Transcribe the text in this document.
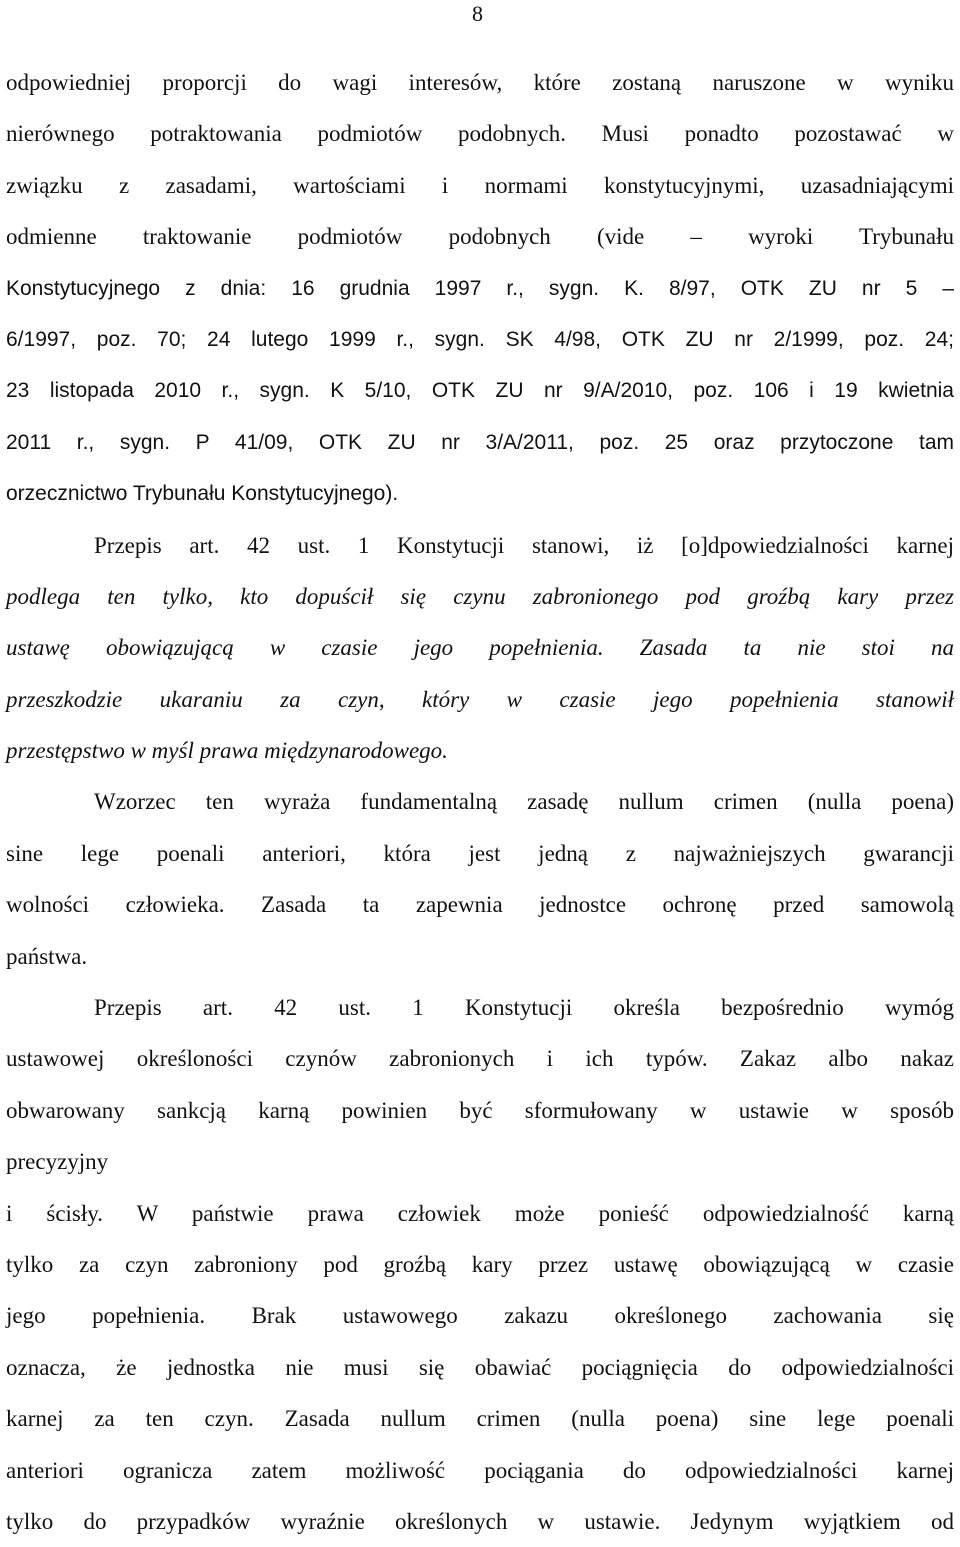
8
odpowiedniej proporcji do wagi interesów, które zostaną naruszone w wyniku
nierównego potraktowania podmiotów podobnych. Musi ponadto pozostawać w
związku z zasadami, wartościami i normami konstytucyjnymi, uzasadniającymi
odmienne traktowanie podmiotów podobnych (vide – wyroki Trybunału
Konstytucyjnego z dnia: 16 grudnia 1997 r., sygn. K. 8/97, OTK ZU nr 5 –
6/1997, poz. 70; 24 lutego 1999 r., sygn. SK 4/98, OTK ZU nr 2/1999, poz. 24;
23 listopada 2010 r., sygn. K 5/10, OTK ZU nr 9/A/2010, poz. 106 i 19 kwietnia
2011 r., sygn. P 41/09, OTK ZU nr 3/A/2011, poz. 25 oraz przytoczone tam
orzecznictwo Trybunału Konstytucyjnego).
Przepis art. 42 ust. 1 Konstytucji stanowi, iż [o]dpowiedzialności karnej
podlega ten tylko, kto dopuścił się czynu zabronionego pod groźbą kary przez
ustawę obowiązującą w czasie jego popełnienia. Zasada ta nie stoi na
przeszkodzie ukaraniu za czyn, który w czasie jego popełnienia stanowił
przestępstwo w myśl prawa międzynarodowego.
Wzorzec ten wyraża fundamentalną zasadę nullum crimen (nulla poena)
sine lege poenali anteriori, która jest jedną z najważniejszych gwarancji
wolności człowieka. Zasada ta zapewnia jednostce ochronę przed samowolą
państwa.
Przepis art. 42 ust. 1 Konstytucji określa bezpośrednio wymóg
ustawowej określoności czynów zabronionych i ich typów. Zakaz albo nakaz
obwarowany sankcją karną powinien być sformułowany w ustawie w sposób
precyzyjny
i ścisły. W państwie prawa człowiek może ponieść odpowiedzialność karną
tylko za czyn zabroniony pod groźbą kary przez ustawę obowiązującą w czasie
jego popełnienia. Brak ustawowego zakazu określonego zachowania się
oznacza, że jednostka nie musi się obawiać pociągnięcia do odpowiedzialności
karnej za ten czyn. Zasada nullum crimen (nulla poena) sine lege poenali
anteriori ogranicza zatem możliwość pociągania do odpowiedzialności karnej
tylko do przypadków wyraźnie określonych w ustawie. Jedynym wyjątkiem od
